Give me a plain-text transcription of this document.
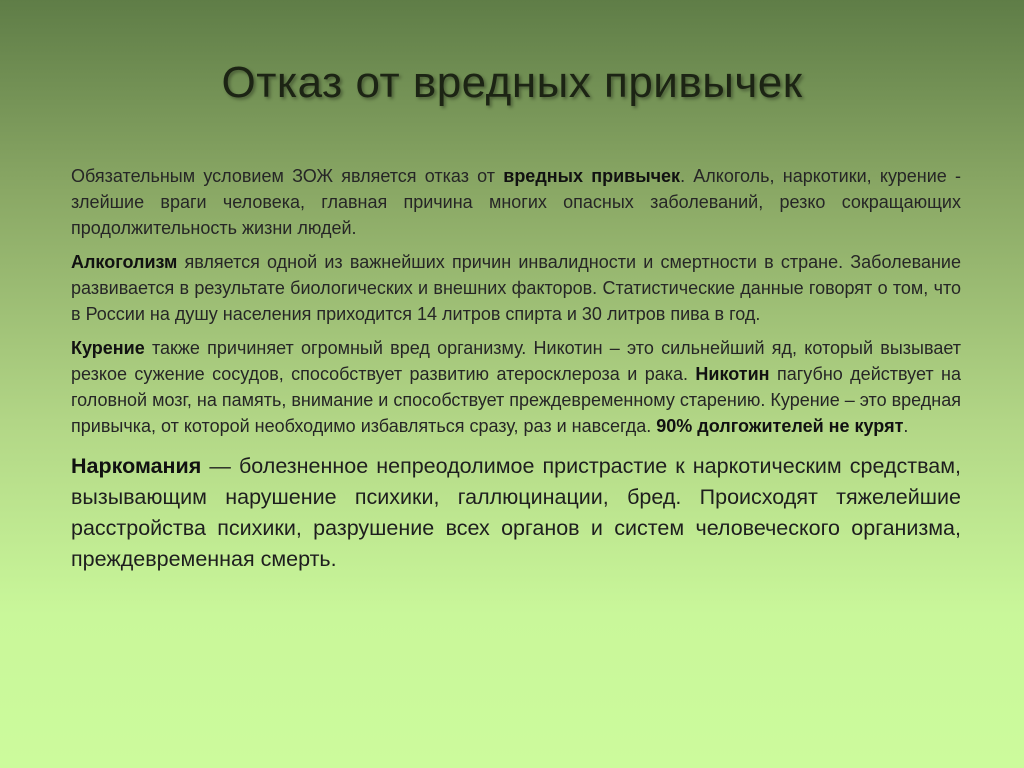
Отказ от вредных привычек

Обязательным условием ЗОЖ является отказ от вредных привычек. Алкоголь, наркотики, курение - злейшие враги человека, главная причина многих опасных заболеваний, резко сокращающих продолжительность жизни людей.

Алкоголизм является одной из важнейших причин инвалидности и смертности в стране. Заболевание развивается в результате биологических и внешних факторов. Статистические данные говорят о том, что в России на душу населения приходится 14 литров спирта и 30 литров пива в год.

Курение также причиняет огромный вред организму. Никотин – это сильнейший яд, который вызывает резкое сужение сосудов, способствует развитию атеросклероза и рака. Никотин пагубно действует на головной мозг, на память, внимание и способствует преждевременному старению. Курение – это вредная привычка, от которой необходимо избавляться сразу, раз и навсегда. 90% долгожителей не курят.

Наркомания — болезненное непреодолимое пристрастие к наркотическим средствам, вызывающим нарушение психики, галлюцинации, бред. Происходят тяжелейшие расстройства психики, разрушение всех органов и систем человеческого организма, преждевременная смерть.
